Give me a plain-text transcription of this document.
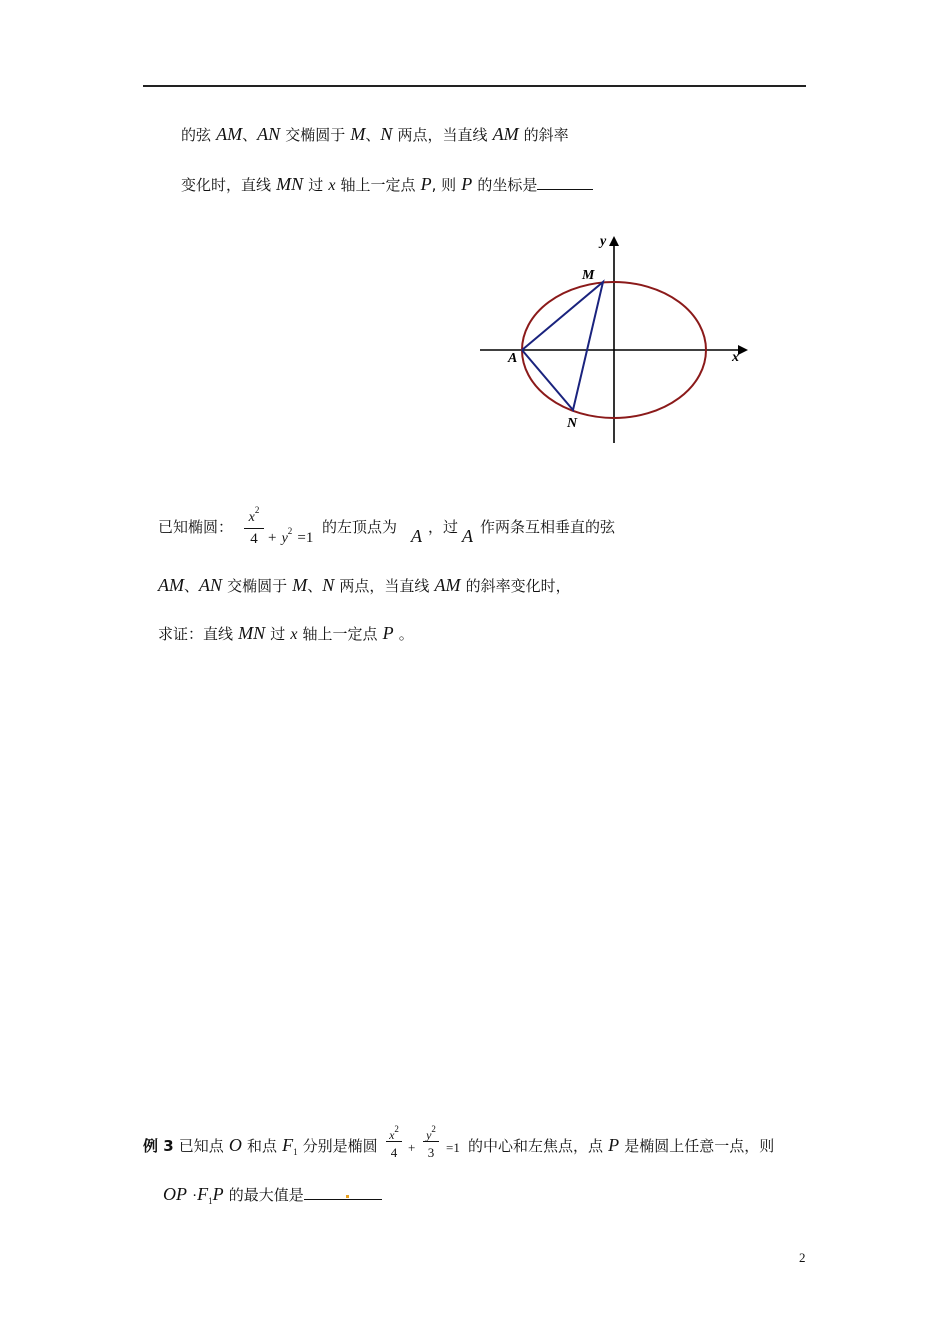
的弦 AM、AN 交椭圆于 M、N 两点，当直线 AM 的斜率
变化时，直线 MN 过 x 轴上一定点 P, 则 P 的坐标是
y
x
A
M
N
已知椭圆：
$x^2$
$4 + y^2 =1$
的左顶点为 A ，过 A 作两条互相垂直的弦
AM、AN 交椭圆于 M、N 两点，当直线 AM 的斜率变化时，
求证：直线 MN 过 x 轴上一定点 P 。
例 3 已知点 O 和点 $F_1$ 分别是椭圆
$x^2$
4 +
$y^2$
3 =1 的中心和左焦点，点 P 是椭圆上任意一点，则
OP $\cdot F_1P$ 的最大值是
2
